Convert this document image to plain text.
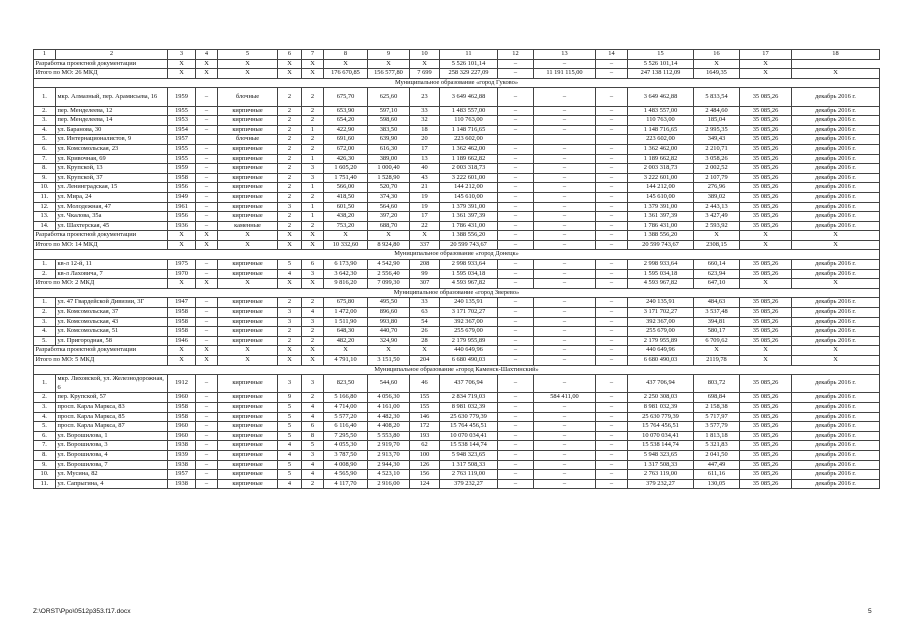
1	2	3	4	5	6	7	8	9	10	11	12	13	14	15	16	17	18
Разработка проектной документации		X	X	X	X	X	X	X	X	5 526 101,14	–	–	–	5 526 101,14	X	X	
Итого по МО: 26 МКД		X	X	X	X	X	176 670,85	156 577,80	7 699	258 329 227,09	–	11 191 115,00	–	247 138 112,09	1649,35	X	X
Муниципальное образование «город Гуково»																	
1.	мкр. Алмазный, пер. Арамисьева, 16	1959	–	блочные	2	2	675,70	625,60	23	3 649 462,88	–	–	–	3 649 462,88	5 833,54	35 085,26	декабрь 2016 г.
2.	пер. Менделеева, 12	1955	–	кирпичные	2	2	653,90	597,10	33	1 483 557,00	–	–	–	1 483 557,00	2 484,60	35 085,26	декабрь 2016 г.
3.	пер. Менделеева, 14	1953	–	кирпичные	2	2	654,20	598,60	32	110 763,00	–	–	–	110 763,00	185,04	35 085,26	декабрь 2016 г.
4.	ул. Баранова, 30	1954	–	кирпичные	2	1	422,90	383,50	18	1 148 716,65	–	–	–	1 148 716,65	2 995,35	35 085,26	декабрь 2016 г.
5.	ул. Интернационалистов, 9	1957		блочные	2	2	691,60	639,90	20	223 602,00				223 602,00	349,43	35 085,26	декабрь 2016 г.
6.	ул. Комсомольская, 23	1955	–	кирпичные	2	2	672,00	616,30	17	1 362 462,00	–	–	–	1 362 462,00	2 210,71	35 085,26	декабрь 2016 г.
7.	ул. Кривочная, 69	1955	–	кирпичные	2	1	426,30	389,00	13	1 189 662,82	–	–	–	1 189 662,82	3 058,26	35 085,26	декабрь 2016 г.
8.	ул. Крупской, 13	1959	–	кирпичные	2	3	1 605,20	1 000,40	40	2 003 318,73	–	–	–	2 003 318,73	2 002,52	35 085,26	декабрь 2016 г.
9.	ул. Крупской, 37	1958	–	кирпичные	2	3	1 751,40	1 528,90	43	3 222 601,00	–	–	–	3 222 601,00	2 107,79	35 085,26	декабрь 2016 г.
10.	ул. Ленинградская, 15	1956	–	кирпичные	2	1	566,00	520,70	21	144 212,00	–	–	–	144 212,00	276,96	35 085,26	декабрь 2016 г.
11.	ул. Мира, 24	1949	–	кирпичные	2	2	418,50	374,30	19	145 610,00	–	–	–	145 610,00	389,02	35 085,26	декабрь 2016 г.
12.	ул. Молодежная, 47	1961	–	кирпичные	3	1	601,50	564,60	19	1 379 391,00	–	–	–	1 379 391,00	2 443,13	35 085,26	декабрь 2016 г.
13.	ул. Чкалова, 35а	1956	–	кирпичные	2	1	438,20	397,20	17	1 361 397,39	–	–	–	1 361 397,39	3 427,49	35 085,26	декабрь 2016 г.
14.	ул. Шахтерская, 45	1936	–	каменные	2	2	753,20	688,70	22	1 786 431,00	–	–	–	1 786 431,00	2 593,92	35 085,26	декабрь 2016 г.
Разработка проектной документации		X	X	X	X	X	X	X	X	1 388 556,20	–	–	–	1 388 556,20	X	X	X
Итого по МО: 14 МКД		X	X	X	X	X	10 332,60	8 924,80	337	20 599 743,67	–	–	–	20 599 743,67	2308,15	X	X
Муниципальное образование «город Донецк»																	
1.	кв-л 12-й, 11	1975	–	кирпичные	5	6	6 173,90	4 542,90	208	2 998 933,64	–	–	–	2 998 933,64	660,14	35 085,26	декабрь 2016 г.
2.	кв-л Лаховича, 7	1970	–	кирпичные	4	3	3 642,30	2 556,40	99	1 595 034,18	–	–	–	1 595 034,18	623,94	35 085,26	декабрь 2016 г.
Итого по МО: 2 МКД		X	X	X	X	X	9 816,20	7 099,30	307	4 593 967,82	–	–	–	4 593 967,82	647,10	X	X
Муниципальное образование «город Зверево»																	
1.	ул. 47 Гвардейской Дивизии, 3Г	1947	–	кирпичные	2	2	675,80	495,50	33	240 135,91	–	–	–	240 135,91	484,63	35 085,26	декабрь 2016 г.
2.	ул. Комсомольская, 37	1958	–	кирпичные	3	4	1 472,00	896,60	63	3 171 702,27	–	–	–	3 171 702,27	3 537,48	35 085,26	декабрь 2016 г.
3.	ул. Комсомольская, 43	1958	–	кирпичные	3	3	1 511,90	993,80	54	392 367,00	–	–	–	392 367,00	394,81	35 085,26	декабрь 2016 г.
4.	ул. Комсомольская, 51	1958	–	кирпичные	2	2	648,30	440,70	26	255 679,00	–	–	–	255 679,00	580,17	35 085,26	декабрь 2016 г.
5.	ул. Пригородная, 58	1946	–	кирпичные	2	2	482,20	324,90	28	2 179 955,89	–	–	–	2 179 955,89	6 709,62	35 085,26	декабрь 2016 г.
Разработка проектной документации		X	X	X	X	X	X	X	X	440 649,96	–	–	–	440 649,96	X	X	X
Итого по МО: 5 МКД		X	X	X	X	X	4 791,10	3 151,50	204	6 680 490,03	–	–	–	6 680 490,03	2119,78	X	X
Муниципальное образование «город Каменск-Шахтинский»																	
1.	мкр. Лиховской, ул. Железнодорожная, 6	1912	–	кирпичные	3	3	823,50	544,60	46	437 706,94	–	–	–	437 706,94	803,72	35 085,26	декабрь 2016 г.
2.	пер. Крупской, 57	1960	–	кирпичные	9	2	5 166,80	4 056,30	155	2 834 719,03	–	584 411,00	–	2 250 308,03	698,84	35 085,26	декабрь 2016 г.
3.	просп. Карла Маркса, 83	1958	–	кирпичные	5	4	4 714,00	4 161,00	155	8 981 032,39	–	–	–	8 981 032,39	2 158,38	35 085,26	декабрь 2016 г.
4.	просп. Карла Маркса, 85	1958	–	кирпичные	5	4	5 577,20	4 482,30	146	25 630 779,39	–	–	–	25 630 779,39	5 717,97	35 085,26	декабрь 2016 г.
5.	просп. Карла Маркса, 87	1960	–	кирпичные	5	6	6 116,40	4 408,20	172	15 764 456,51	–	–	–	15 764 456,51	3 577,79	35 085,26	декабрь 2016 г.
6.	ул. Ворошилова, 1	1960	–	кирпичные	5	8	7 295,50	5 553,80	193	10 070 034,41	–	–	–	10 070 034,41	1 813,18	35 085,26	декабрь 2016 г.
7.	ул. Ворошилова, 3	1938	–	кирпичные	4	5	4 055,30	2 919,70	62	15 538 144,74	–	–	–	15 538 144,74	5 321,83	35 085,26	декабрь 2016 г.
8.	ул. Ворошилова, 4	1939	–	кирпичные	4	3	3 787,50	2 913,70	100	5 948 323,65	–	–	–	5 948 323,65	2 041,50	35 085,26	декабрь 2016 г.
9.	ул. Ворошилова, 7	1938	–	кирпичные	5	4	4 008,90	2 944,30	126	1 317 508,33	–	–	–	1 317 508,33	447,49	35 085,26	декабрь 2016 г.
10.	ул. Мусина, 82	1957	–	кирпичные	5	4	4 565,90	4 523,10	156	2 763 119,00	–	–	–	2 763 119,00	611,16	35 085,26	декабрь 2016 г.
11.	ул. Сапрыгина, 4	1938	–	кирпичные	4	2	4 117,70	2 916,00	124	379 232,27	–	–	–	379 232,27	130,05	35 085,26	декабрь 2016 г.
Z:\ORST\Ppo\0512p353.f17.docx	5
